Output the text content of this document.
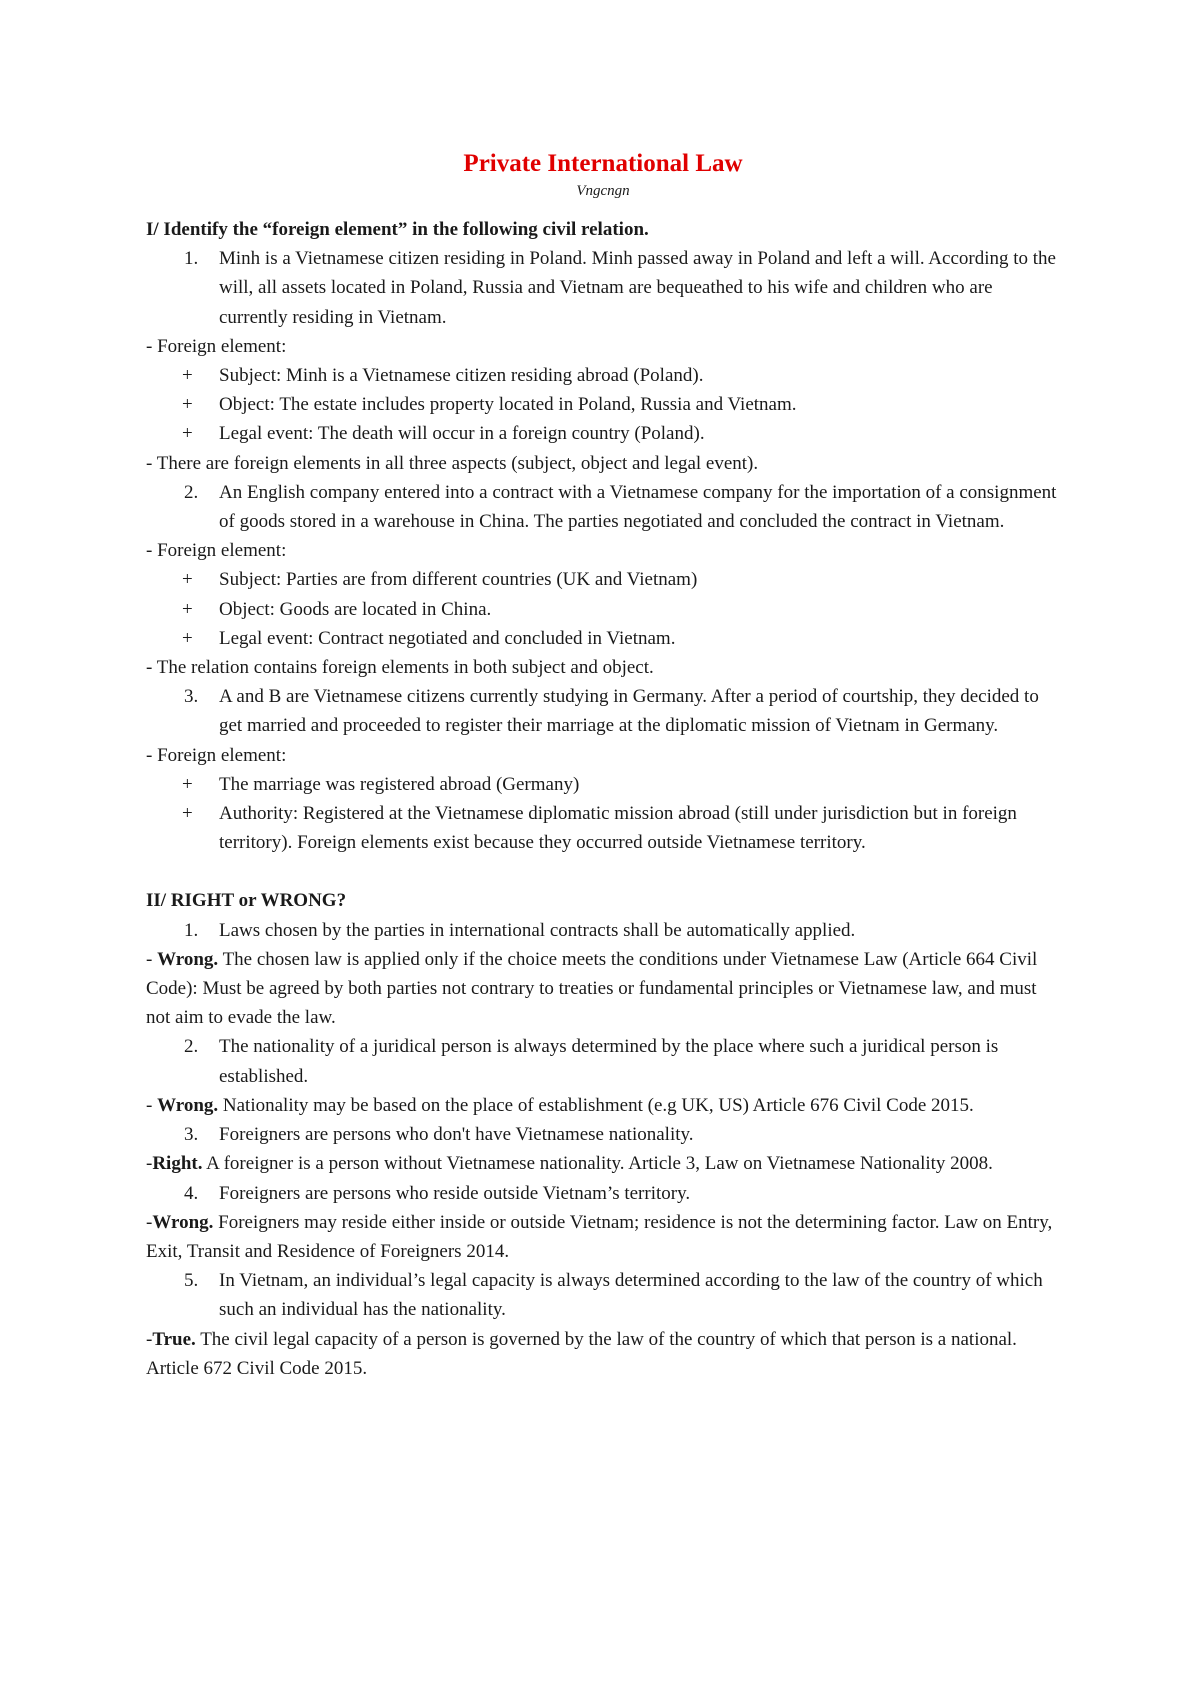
Private International Law

Vngcngn

I/ Identify the “foreign element” in the following civil relation.

1. Minh is a Vietnamese citizen residing in Poland. Minh passed away in Poland and left a will. According to the will, all assets located in Poland, Russia and Vietnam are bequeathed to his wife and children who are currently residing in Vietnam.

- Foreign element:

+ Subject: Minh is a Vietnamese citizen residing abroad (Poland).
+ Object: The estate includes property located in Poland, Russia and Vietnam.
+ Legal event: The death will occur in a foreign country (Poland).

- There are foreign elements in all three aspects (subject, object and legal event).

2. An English company entered into a contract with a Vietnamese company for the importation of a consignment of goods stored in a warehouse in China. The parties negotiated and concluded the contract in Vietnam.

- Foreign element:

+ Subject: Parties are from different countries (UK and Vietnam)
+ Object: Goods are located in China.
+ Legal event: Contract negotiated and concluded in Vietnam.

- The relation contains foreign elements in both subject and object.

3. A and B are Vietnamese citizens currently studying in Germany. After a period of courtship, they decided to get married and proceeded to register their marriage at the diplomatic mission of Vietnam in Germany.

- Foreign element:

+ The marriage was registered abroad (Germany)
+ Authority: Registered at the Vietnamese diplomatic mission abroad (still under jurisdiction but in foreign territory). Foreign elements exist because they occurred outside Vietnamese territory.

II/ RIGHT or WRONG?

1. Laws chosen by the parties in international contracts shall be automatically applied.

- Wrong. The chosen law is applied only if the choice meets the conditions under Vietnamese Law (Article 664 Civil Code): Must be agreed by both parties not contrary to treaties or fundamental principles or Vietnamese law, and must not aim to evade the law.

2. The nationality of a juridical person is always determined by the place where such a juridical person is established.

- Wrong. Nationality may be based on the place of establishment (e.g UK, US) Article 676 Civil Code 2015.

3. Foreigners are persons who don't have Vietnamese nationality.

-Right. A foreigner is a person without Vietnamese nationality. Article 3, Law on Vietnamese Nationality 2008.

4. Foreigners are persons who reside outside Vietnam’s territory.

-Wrong. Foreigners may reside either inside or outside Vietnam; residence is not the determining factor. Law on Entry, Exit, Transit and Residence of Foreigners 2014.

5. In Vietnam, an individual’s legal capacity is always determined according to the law of the country of which such an individual has the nationality.

-True. The civil legal capacity of a person is governed by the law of the country of which that person is a national. Article 672 Civil Code 2015.
